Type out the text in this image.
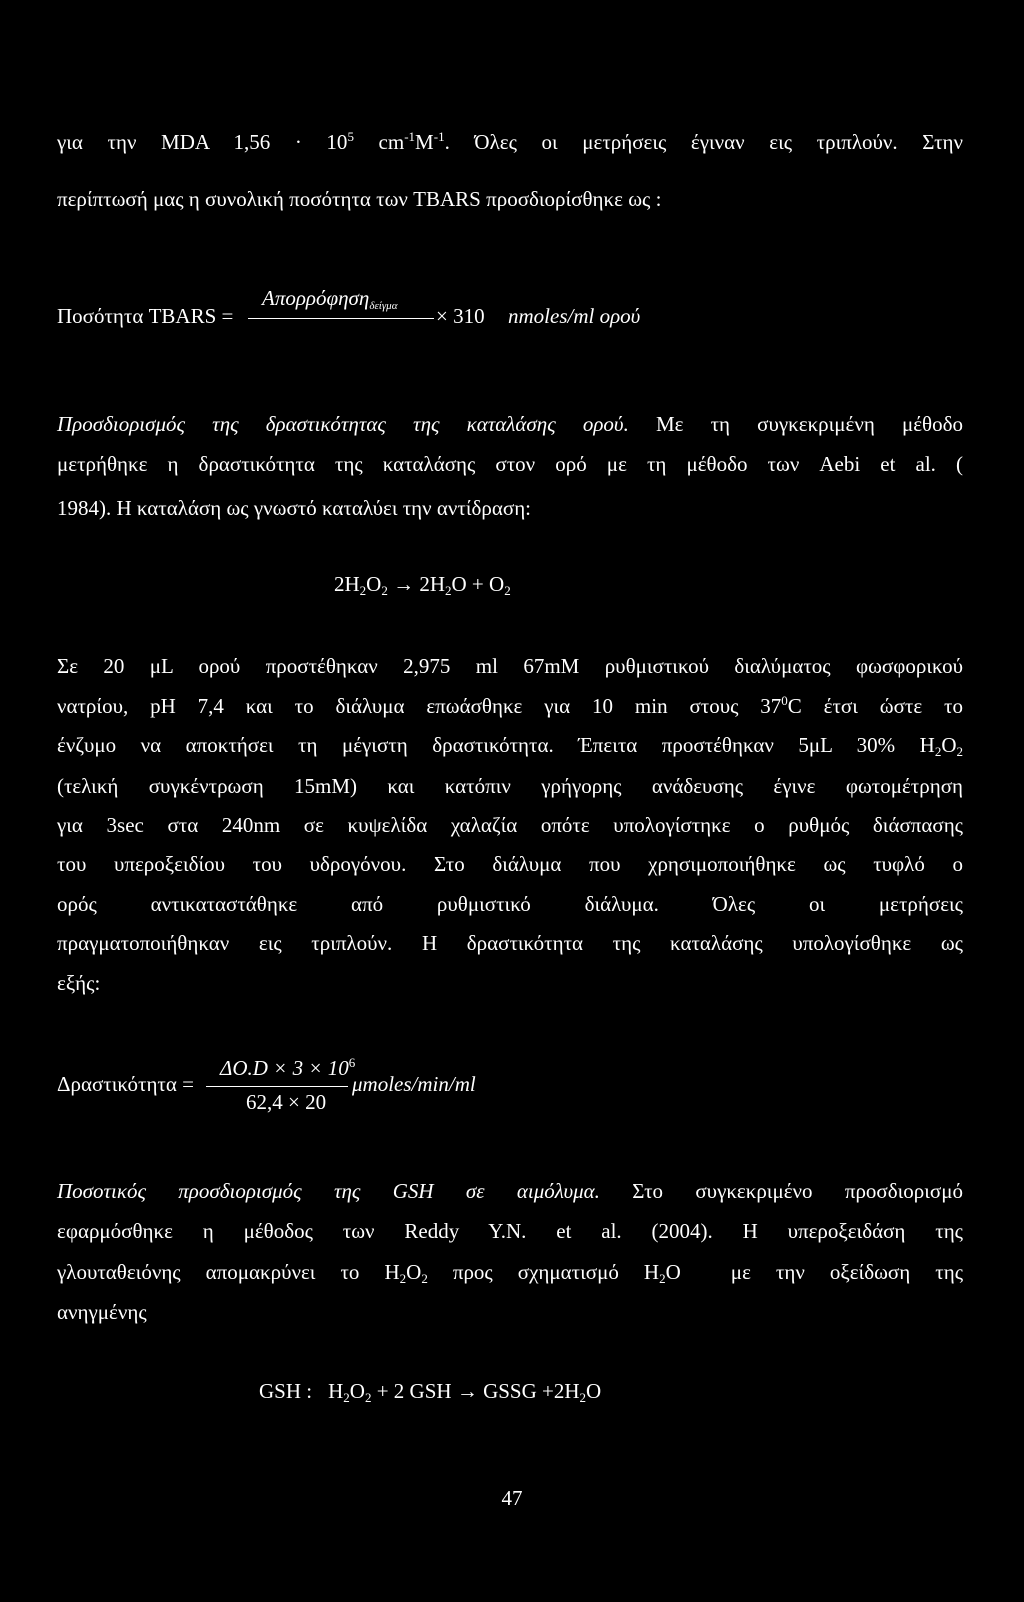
για την MDA $1,56 \cdot 10^5$ $cm^{-1}M^{-1}$. Όλες οι μετρήσεις έγιναν εις τριπλούν. Στην
περίπτωσή μας η συνολική ποσότητα των TBARS προσδιορίσθηκε ως :
Ποσότητα TBARS =
Απορρόφηση$_{\delta\varepsilon ί\gamma\mu\alpha}$ × 310 nmoles/ml ορού
Προσδιορισμός της δραστικότητας της καταλάσης ορού. Με τη συγκεκριμένη μέθοδο
μετρήθηκε η δραστικότητα της καταλάσης στον ορό με τη μέθοδο των Aebi et al. (
1984). Η καταλάση ως γνωστό καταλύει την αντίδραση:
$2H_2O_2 \to 2H_2O + O_2$
Σε 20 μL ορού προστέθηκαν 2,975 ml 67mM ρυθμιστικού διαλύματος φωσφορικού
νατρίου, pH 7,4 και το διάλυμα επωάσθηκε για 10 min στους $37^0C$ έτσι ώστε το
ένζυμο να αποκτήσει τη μέγιστη δραστικότητα. Έπειτα προστέθηκαν 5μL 30% $H_2O_2$
(τελική συγκέντρωση 15mM) και κατόπιν γρήγορης ανάδευσης έγινε φωτομέτρηση
για 3sec στα 240nm σε κυψελίδα χαλαζία οπότε υπολογίστηκε ο ρυθμός διάσπασης
του υπεροξειδίου του υδρογόνου. Στο διάλυμα που χρησιμοποιήθηκε ως τυφλό ο
ορός αντικαταστάθηκε από ρυθμιστικό διάλυμα. Όλες οι μετρήσεις
πραγματοποιήθηκαν εις τριπλούν. Η δραστικότητα της καταλάσης υπολογίσθηκε ως
εξής:
Δραστικότητα =
$\Delta O.D \times 3 \times 10^6$
62,4 × 20
μmoles/min/ml
Ποσοτικός προσδιορισμός της GSH σε αιμόλυμα. Στο συγκεκριμένο προσδιορισμό
εφαρμόσθηκε η μέθοδος των Reddy Y.N. et al. (2004). Η υπεροξειδάση της
γλουταθειόνης απομακρύνει το $H_2O_2$ προς σχηματισμό $H_2O$  με την οξείδωση της
ανηγμένης
GSH : $H_2O_2 + 2$ GSH → GSSG $+2H_2O$
47
